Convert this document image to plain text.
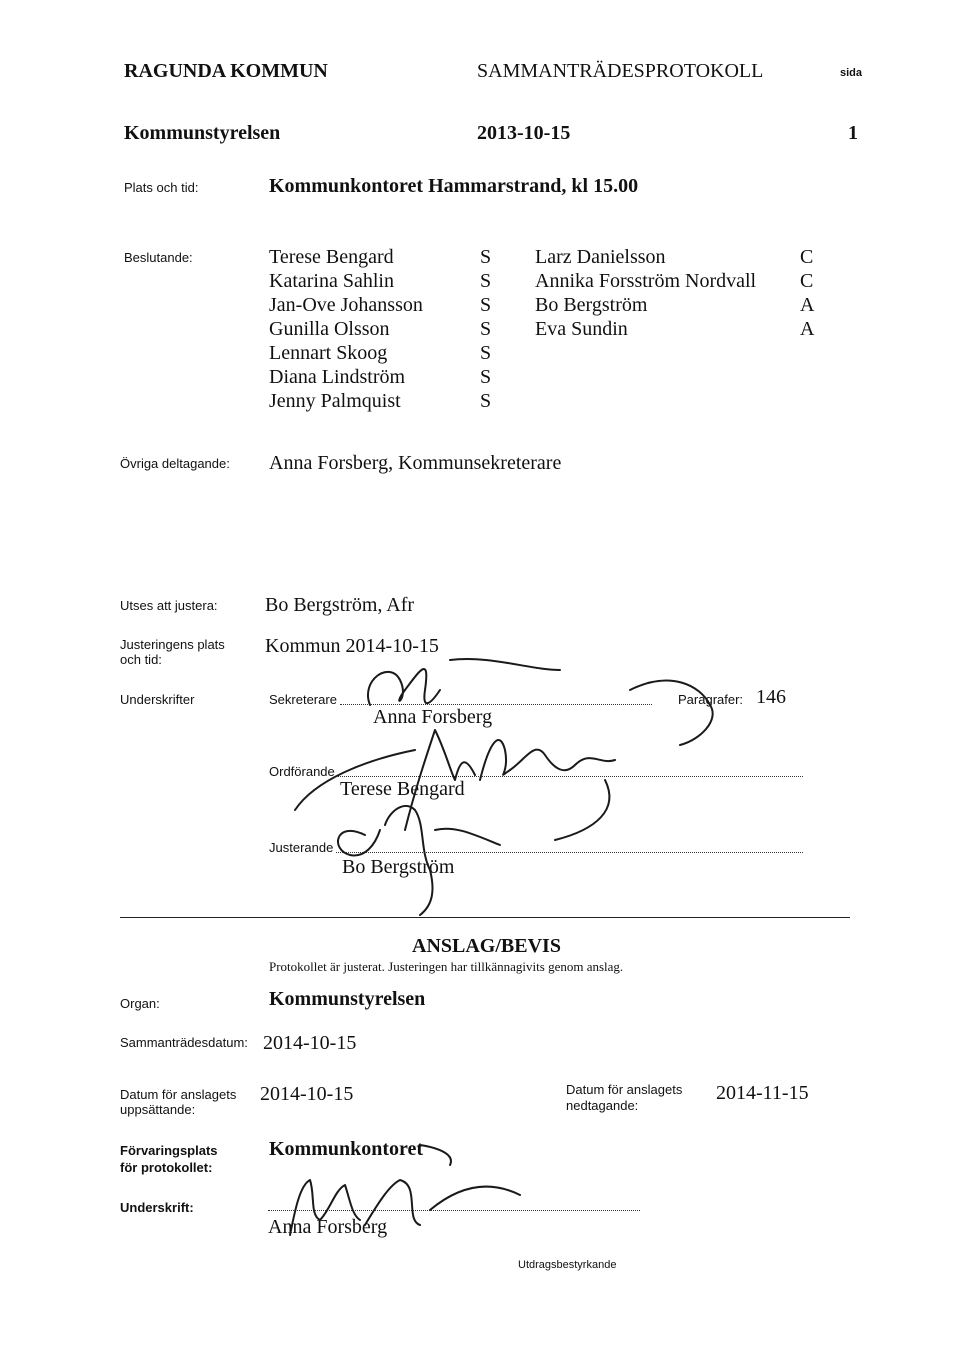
RAGUNDA KOMMUN	SAMMANTRÄDESPROTOKOLL	sida
Kommunstyrelsen	2013-10-15	1
Plats och tid:	Kommunkontoret Hammarstrand, kl 15.00
Beslutande:	Terese Bengard	S
Katarina Sahlin	S
Jan-Ove Johansson	S
Gunilla Olsson	S
Lennart Skoog	S
Diana Lindström	S
Jenny Palmquist	S
Larz Danielsson	C
Annika Forsström Nordvall C
Bo Bergström	A
Eva Sundin	A
Övriga deltagande: Anna Forsberg, Kommunsekreterare
Utses att justera: Bo Bergström, Afr
Justeringens plats
och tid:
Kommun 2014-10-15
Underskrifter	Sekreterare
Anna Forsberg
Paragrafer: 146
Ordförande
Terese Bengard
Justerande
Bo Bergström
ANSLAG/BEVIS
Protokollet är justerat. Justeringen har tillkännagivits genom anslag.
Organ:	Kommunstyrelsen
Sammanträdesdatum: 2014-10-15
Datum för anslagets
uppsättande:
2014-10-15	Datum för anslagets
nedtagande:
2014-11-15
Förvaringsplats
för protokollet:
Kommunkontoret
Underskrift:
Anna Forsberg
Utdragsbestyrkande
